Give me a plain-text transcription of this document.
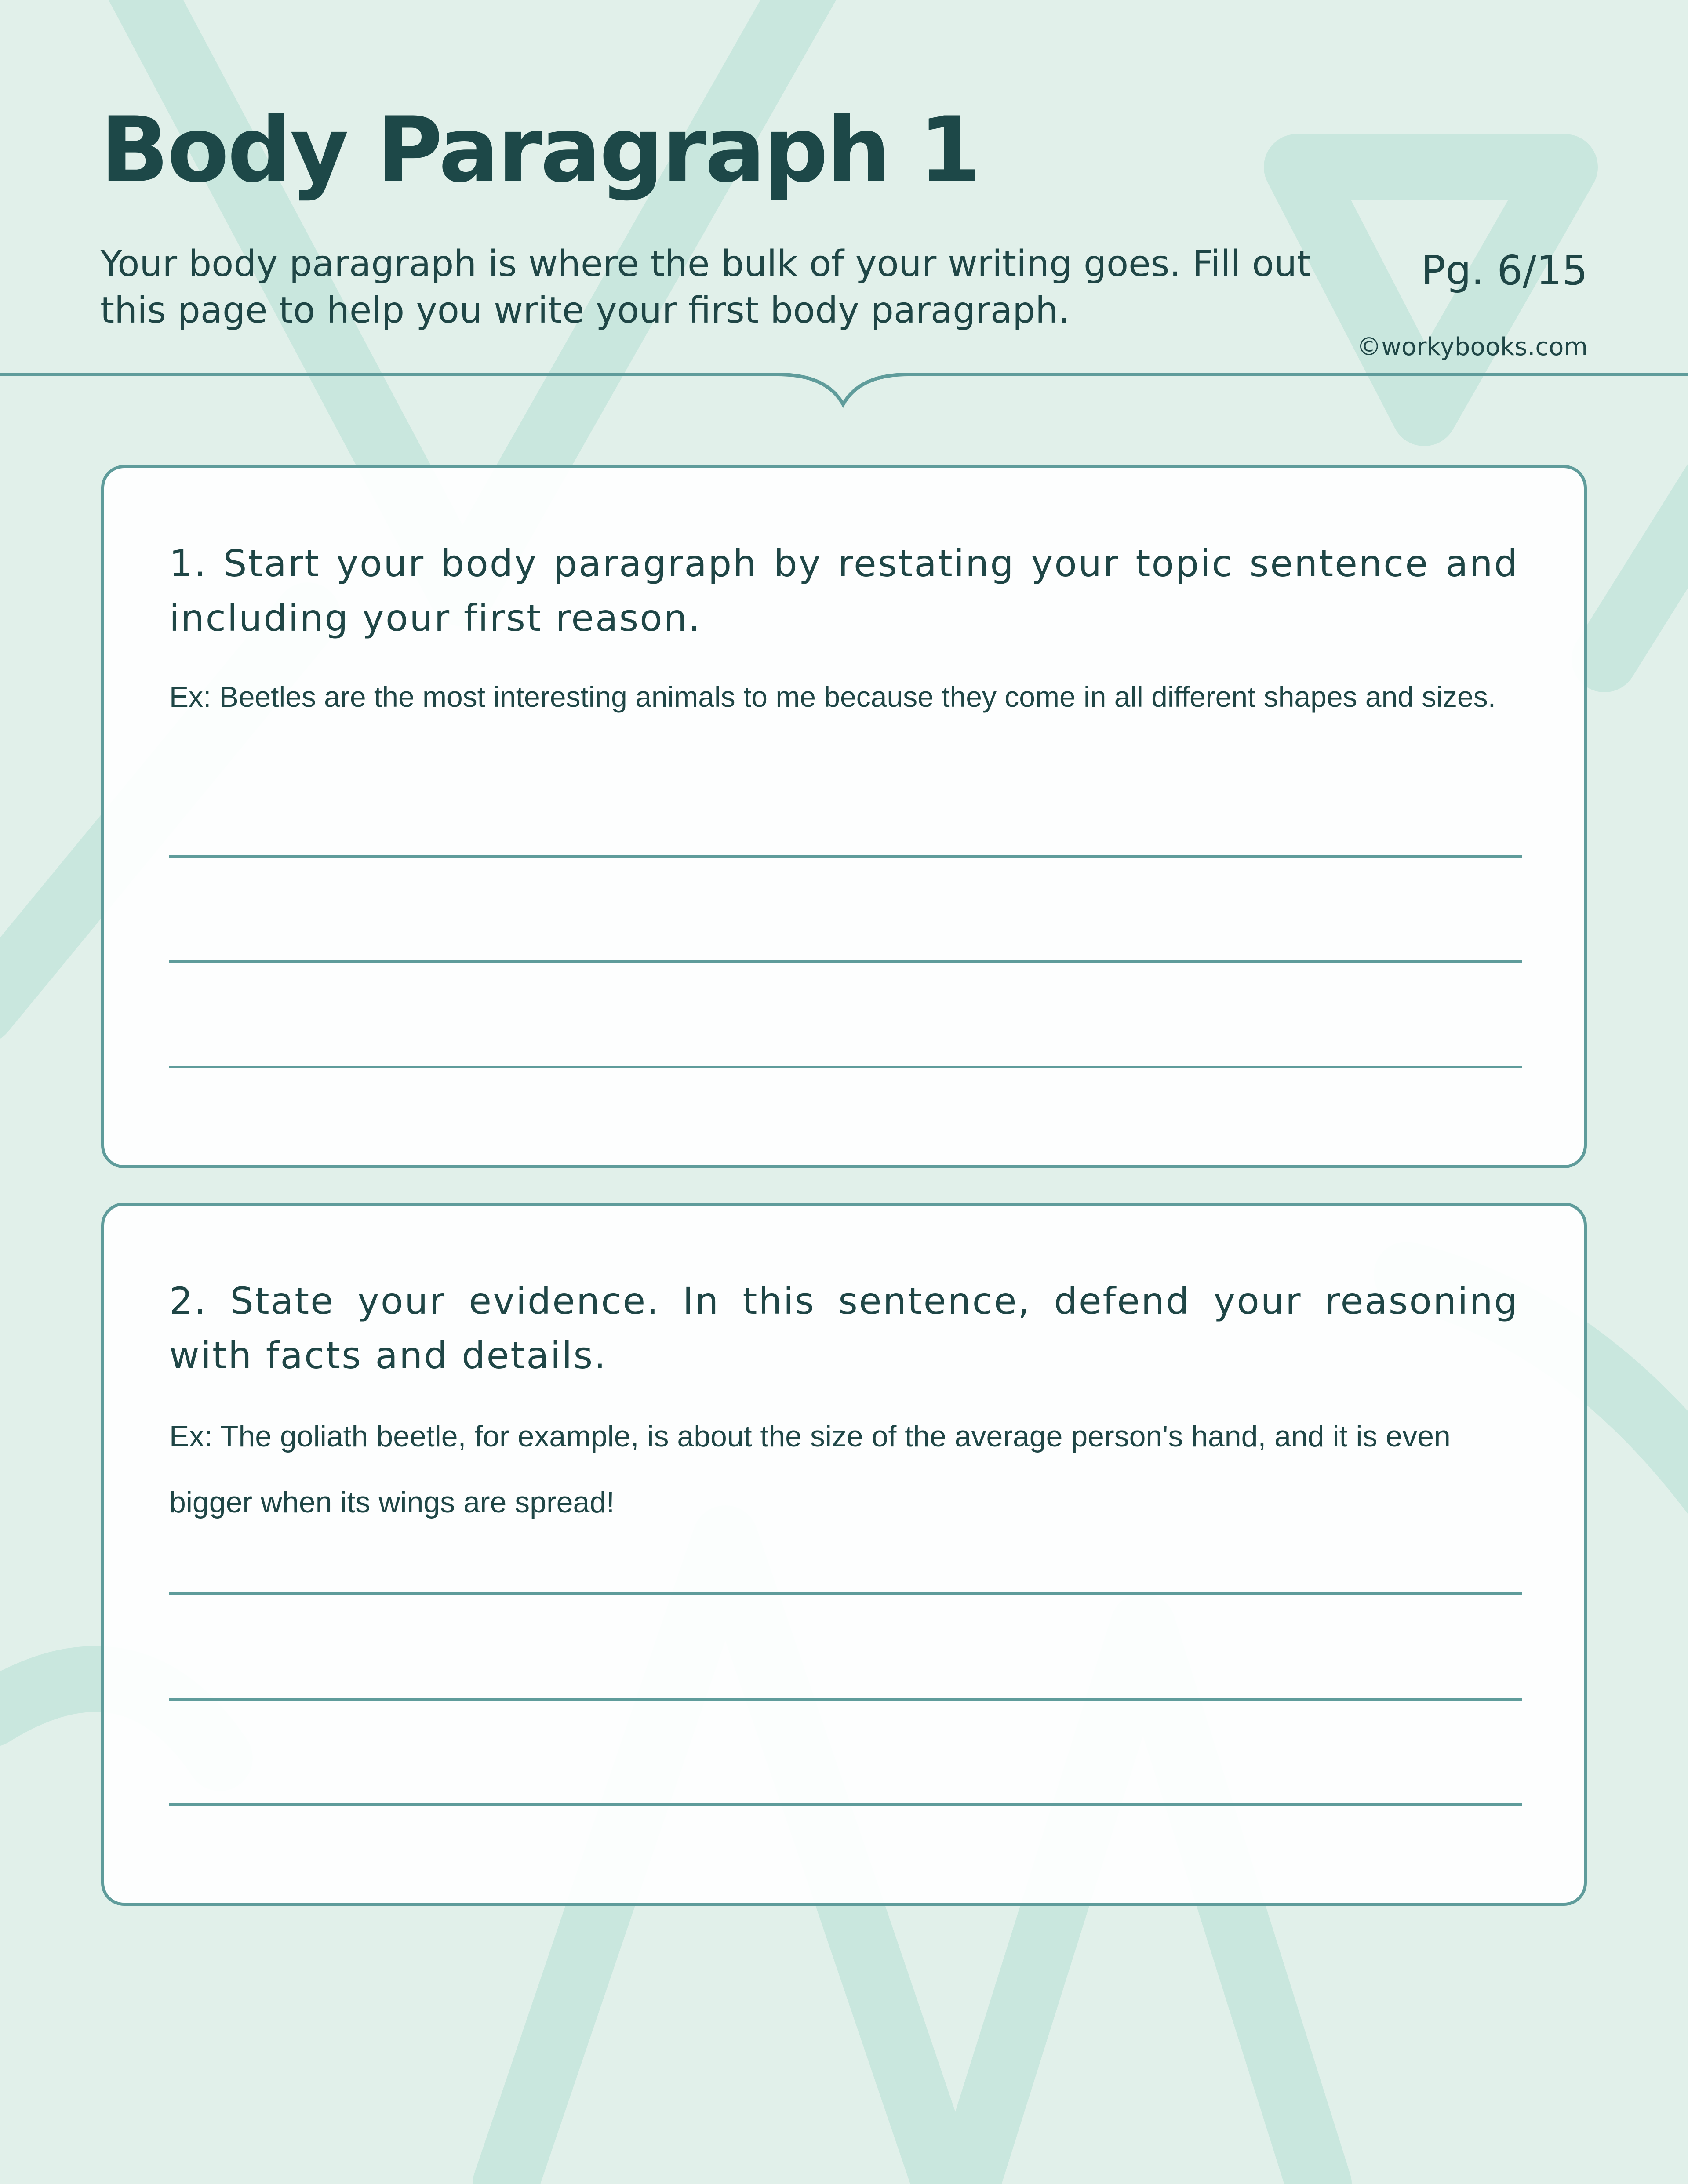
Body Paragraph 1

Your body paragraph is where the bulk of your writing goes. Fill out this page to help you write your first body paragraph.

Pg. 6/15

©workybooks.com

1. Start your body paragraph by restating your topic sentence and including your first reason.

Ex: Beetles are the most interesting animals to me because they come in all different shapes and sizes.

2. State your evidence. In this sentence, defend your reasoning with facts and details.

Ex: The goliath beetle, for example, is about the size of the average person's hand, and it is even bigger when its wings are spread!
